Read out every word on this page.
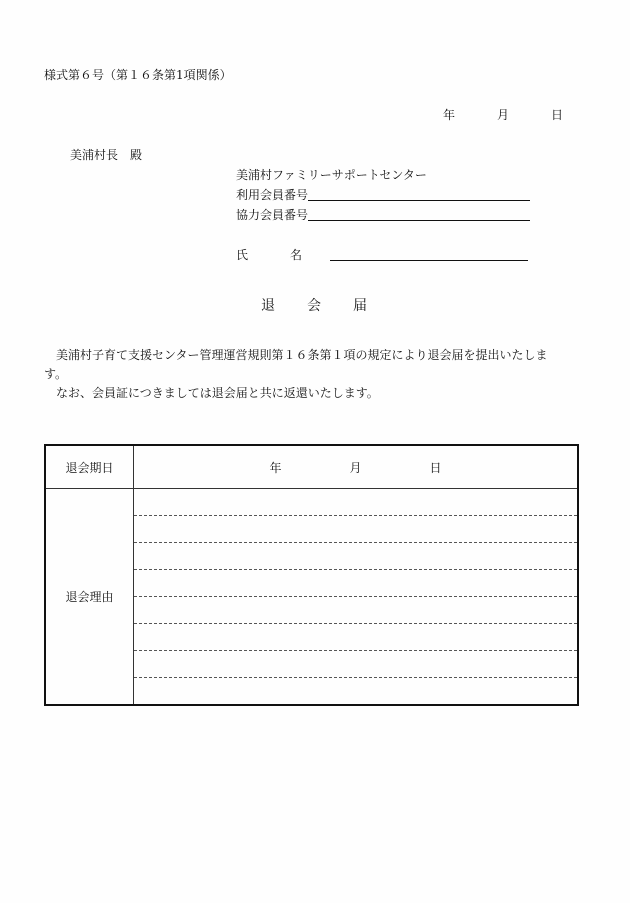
様式第６号（第１６条第1項関係）
年	月	日
美浦村長　殿
美浦村ファミリーサポートセンター
利用会員番号
協力会員番号
氏	名
退 会 届

美浦村子育て支援センター管理運営規則第１６条第１項の規定により退会届を提出いたしま

す。

なお、会員証につきましては退会届と共に返還いたします。

退会期日	年 月 日

退会理由	
